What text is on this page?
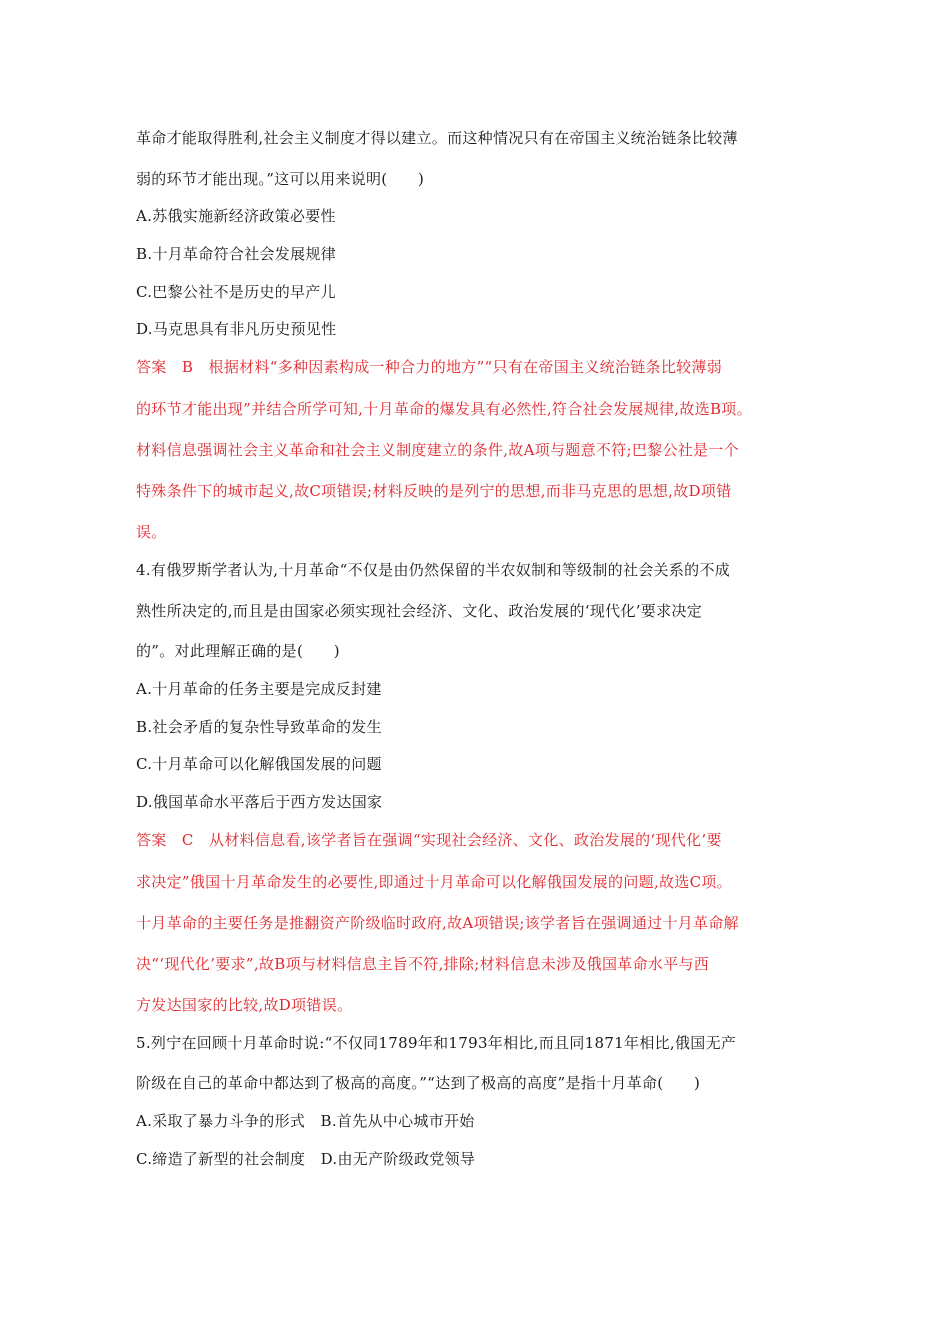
革命才能取得胜利,社会主义制度才得以建立。而这种情况只有在帝国主义统治链条比较薄
弱的环节才能出现。”这可以用来说明(　　)
A.苏俄实施新经济政策必要性
B.十月革命符合社会发展规律
C.巴黎公社不是历史的早产儿
D.马克思具有非凡历史预见性
答案　B　根据材料“多种因素构成一种合力的地方”“只有在帝国主义统治链条比较薄弱
的环节才能出现”并结合所学可知,十月革命的爆发具有必然性,符合社会发展规律,故选B项。
材料信息强调社会主义革命和社会主义制度建立的条件,故A项与题意不符;巴黎公社是一个
特殊条件下的城市起义,故C项错误;材料反映的是列宁的思想,而非马克思的思想,故D项错
误。
4.有俄罗斯学者认为,十月革命“不仅是由仍然保留的半农奴制和等级制的社会关系的不成
熟性所决定的,而且是由国家必须实现社会经济、文化、政治发展的‘现代化’要求决定
的”。对此理解正确的是(　　)
A.十月革命的任务主要是完成反封建
B.社会矛盾的复杂性导致革命的发生
C.十月革命可以化解俄国发展的问题
D.俄国革命水平落后于西方发达国家
答案　C　从材料信息看,该学者旨在强调“实现社会经济、文化、政治发展的‘现代化’要
求决定”俄国十月革命发生的必要性,即通过十月革命可以化解俄国发展的问题,故选C项。
十月革命的主要任务是推翻资产阶级临时政府,故A项错误;该学者旨在强调通过十月革命解
决“‘现代化’要求”,故B项与材料信息主旨不符,排除;材料信息未涉及俄国革命水平与西
方发达国家的比较,故D项错误。
5.列宁在回顾十月革命时说:“不仅同1789年和1793年相比,而且同1871年相比,俄国无产
阶级在自己的革命中都达到了极高的高度。”“达到了极高的高度”是指十月革命(　　)
A.采取了暴力斗争的形式　B.首先从中心城市开始
C.缔造了新型的社会制度　D.由无产阶级政党领导
